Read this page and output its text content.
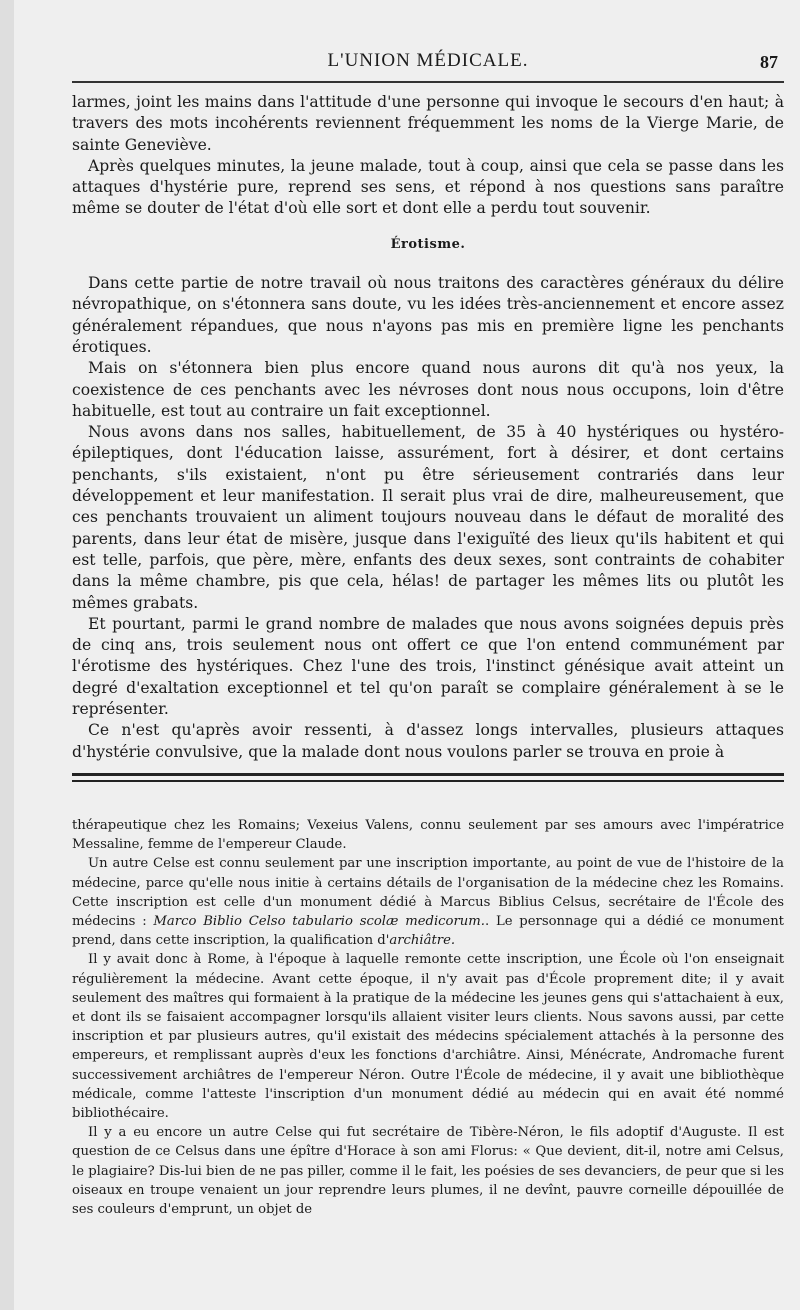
L'UNION MÉDICALE.	87

larmes, joint les mains dans l'attitude d'une personne qui invoque le secours d'en haut; à travers des mots incohérents reviennent fréquemment les noms de la Vierge Marie, de sainte Geneviève.

Après quelques minutes, la jeune malade, tout à coup, ainsi que cela se passe dans les attaques d'hystérie pure, reprend ses sens, et répond à nos questions sans paraître même se douter de l'état d'où elle sort et dont elle a perdu tout souvenir.

Érotisme.

Dans cette partie de notre travail où nous traitons des caractères généraux du délire névropathique, on s'étonnera sans doute, vu les idées très-anciennement et encore assez généralement répandues, que nous n'ayons pas mis en première ligne les penchants érotiques.

Mais on s'étonnera bien plus encore quand nous aurons dit qu'à nos yeux, la coexistence de ces penchants avec les névroses dont nous nous occupons, loin d'être habituelle, est tout au contraire un fait exceptionnel.

Nous avons dans nos salles, habituellement, de 35 à 40 hystériques ou hystéro-épileptiques, dont l'éducation laisse, assurément, fort à désirer, et dont certains penchants, s'ils existaient, n'ont pu être sérieusement contrariés dans leur développement et leur manifestation. Il serait plus vrai de dire, malheureusement, que ces penchants trouvaient un aliment toujours nouveau dans le défaut de moralité des parents, dans leur état de misère, jusque dans l'exiguïté des lieux qu'ils habitent et qui est telle, parfois, que père, mère, enfants des deux sexes, sont contraints de cohabiter dans la même chambre, pis que cela, hélas! de partager les mêmes lits ou plutôt les mêmes grabats.

Et pourtant, parmi le grand nombre de malades que nous avons soignées depuis près de cinq ans, trois seulement nous ont offert ce que l'on entend communément par l'érotisme des hystériques. Chez l'une des trois, l'instinct génésique avait atteint un degré d'exaltation exceptionnel et tel qu'on paraît se complaire généralement à se le représenter.

Ce n'est qu'après avoir ressenti, à d'assez longs intervalles, plusieurs attaques d'hystérie convulsive, que la malade dont nous voulons parler se trouva en proie à

thérapeutique chez les Romains; Vexeius Valens, connu seulement par ses amours avec l'impératrice Messaline, femme de l'empereur Claude.

Un autre Celse est connu seulement par une inscription importante, au point de vue de l'histoire de la médecine, parce qu'elle nous initie à certains détails de l'organisation de la médecine chez les Romains. Cette inscription est celle d'un monument dédié à Marcus Biblius Celsus, secrétaire de l'École des médecins : Marco Biblio Celso tabulario scolæ medicorum.. Le personnage qui a dédié ce monument prend, dans cette inscription, la qualification d'archiâtre.

Il y avait donc à Rome, à l'époque à laquelle remonte cette inscription, une École où l'on enseignait régulièrement la médecine. Avant cette époque, il n'y avait pas d'École proprement dite; il y avait seulement des maîtres qui formaient à la pratique de la médecine les jeunes gens qui s'attachaient à eux, et dont ils se faisaient accompagner lorsqu'ils allaient visiter leurs clients. Nous savons aussi, par cette inscription et par plusieurs autres, qu'il existait des médecins spécialement attachés à la personne des empereurs, et remplissant auprès d'eux les fonctions d'archiâtre. Ainsi, Ménécrate, Andromache furent successivement archiâtres de l'empereur Néron. Outre l'École de médecine, il y avait une bibliothèque médicale, comme l'atteste l'inscription d'un monument dédié au médecin qui en avait été nommé bibliothécaire.

Il y a eu encore un autre Celse qui fut secrétaire de Tibère-Néron, le fils adoptif d'Auguste. Il est question de ce Celsus dans une épître d'Horace à son ami Florus: « Que devient, dit-il, notre ami Celsus, le plagiaire? Dis-lui bien de ne pas piller, comme il le fait, les poésies de ses devanciers, de peur que si les oiseaux en troupe venaient un jour reprendre leurs plumes, il ne devînt, pauvre corneille dépouillée de ses couleurs d'emprunt, un objet de
